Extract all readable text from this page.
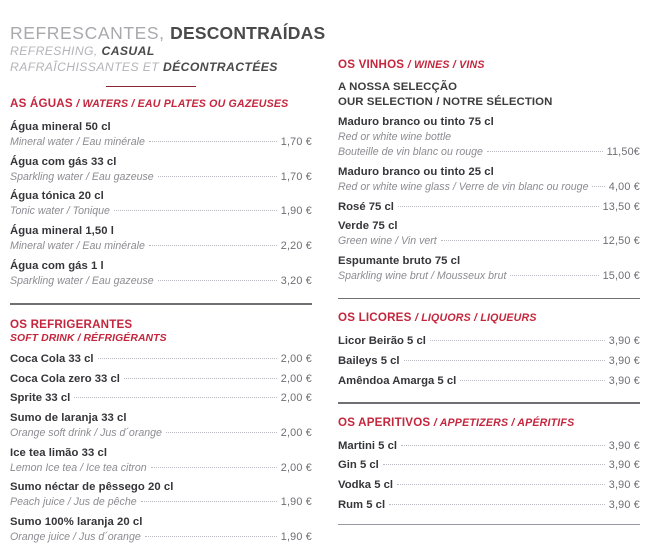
REFRESCANTES, DESCONTRAÍDAS
REFRESHING, CASUAL
RAFRAÎCHISSANTES ET DÉCONTRACTÉES
AS ÁGUAS / WATERS / EAU PLATES OU GAZEUSES
Água mineral 50 cl
Mineral water / Eau minérale	1,70 €
Água com gás 33 cl
Sparkling water / Eau gazeuse	1,70 €
Água tónica 20 cl
Tonic water / Tonique	1,90 €
Água mineral 1,50 l
Mineral water / Eau minérale	2,20 €
Água com gás 1 l
Sparkling water / Eau gazeuse	3,20 €
OS REFRIGERANTES
SOFT DRINK / RÉFRIGÉRANTS
Coca Cola 33 cl	2,00 €
Coca Cola zero 33 cl	2,00 €
Sprite 33 cl	2,00 €
Sumo de laranja 33 cl
Orange soft drink / Jus d´orange	2,00 €
Ice tea limão 33 cl
Lemon Ice tea / Ice tea citron	2,00 €
Sumo néctar de pêssego 20 cl
Peach juice / Jus de pêche	1,90 €
Sumo 100% laranja 20 cl
Orange juice / Jus d´orange	1,90 €
OS VINHOS / WINES / VINS
A NOSSA SELECÇÃO
OUR SELECTION / NOTRE SÉLECTION
Maduro branco ou tinto 75 cl
Red or white wine bottle
Bouteille de vin blanc ou rouge	11,50€
Maduro branco ou tinto 25 cl
Red or white wine glass / Verre de vin blanc ou rouge 4,00 €
Rosé 75 cl	13,50 €
Verde 75 cl
Green wine / Vin vert	12,50 €
Espumante bruto 75 cl
Sparkling wine brut / Mousseux brut	15,00 €
OS LICORES / LIQUORS / LIQUEURS
Licor Beirão 5 cl	3,90 €
Baileys 5 cl	3,90 €
Amêndoa Amarga 5 cl	3,90 €
OS APERITIVOS / APPETIZERS / APÉRITIFS
Martini 5 cl	3,90 €
Gin 5 cl	3,90 €
Vodka 5 cl	3,90 €
Rum 5 cl	3,90 €
